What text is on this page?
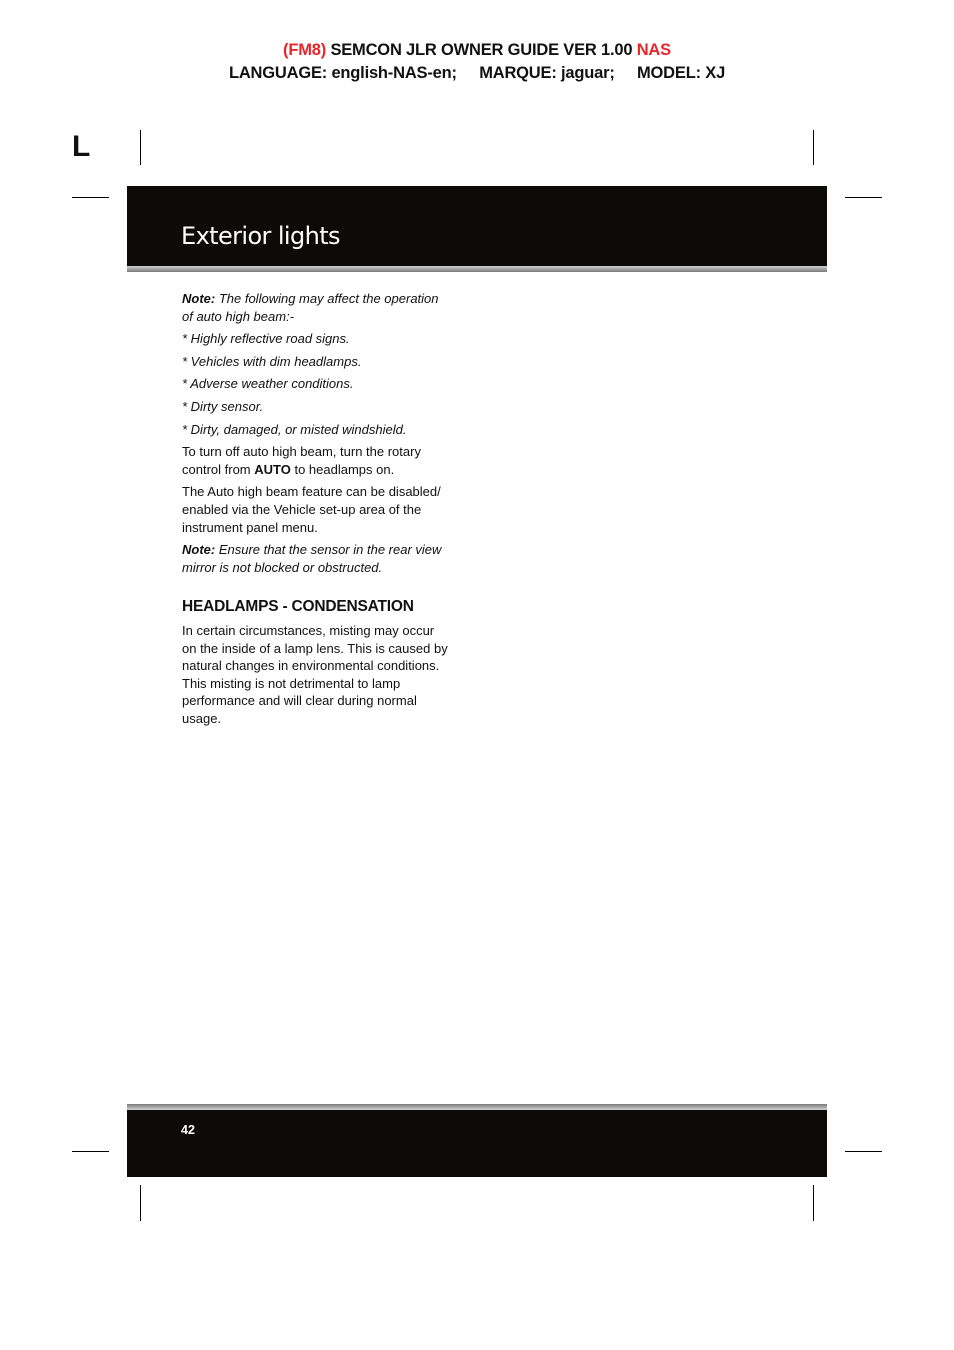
(FM8) SEMCON JLR OWNER GUIDE VER 1.00 NAS
LANGUAGE: english-NAS-en; MARQUE: jaguar; MODEL: XJ
L
Exterior lights

Note: The following may affect the operation of auto high beam:-

* Highly reflective road signs.

* Vehicles with dim headlamps.

* Adverse weather conditions.

* Dirty sensor.

* Dirty, damaged, or misted windshield.

To turn off auto high beam, turn the rotary control from AUTO to headlamps on.

The Auto high beam feature can be disabled/ enabled via the Vehicle set-up area of the instrument panel menu.

Note: Ensure that the sensor in the rear view mirror is not blocked or obstructed.

HEADLAMPS - CONDENSATION

In certain circumstances, misting may occur on the inside of a lamp lens. This is caused by natural changes in environmental conditions. This misting is not detrimental to lamp performance and will clear during normal usage.

42
